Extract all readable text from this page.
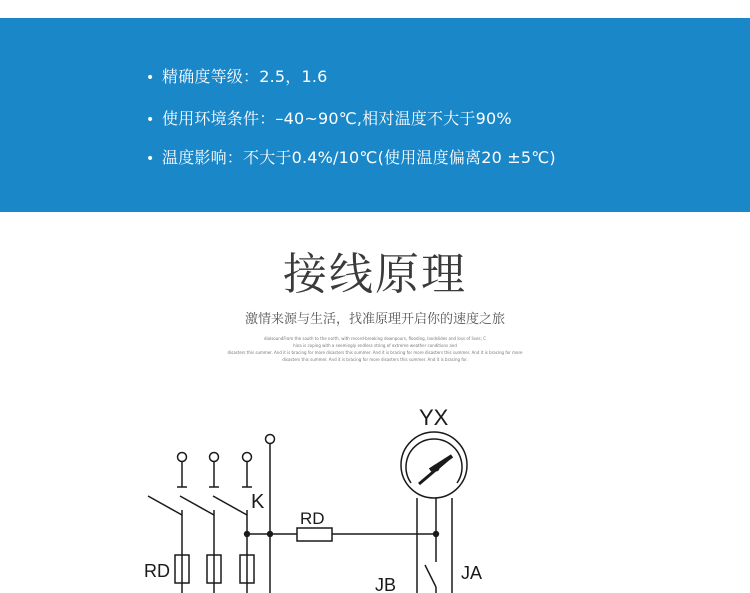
• 精确度等级：2.5，1.6
• 使用环境条件：–40~90℃,相对温度不大于90%
• 温度影响：不大于0.4%/10℃(使用温度偏离20 ±5℃)
接线原理
激情来源与生活，找准原理开启你的速度之旅
dialsoundFrom the south to the north, with record-breaking downpours, flooding, landslides and loss of lives; C
hina is coping with a seemingly endless string of extreme weather conditions and
disasters this summer. And it is bracing for more disasters this summer. And it is bracing for more disasters this summer. And it is bracing for more
disasters this summer. And it is bracing for more disasters this summer. And it is bracing for.
YX
K
RD
RD
JB
JA
